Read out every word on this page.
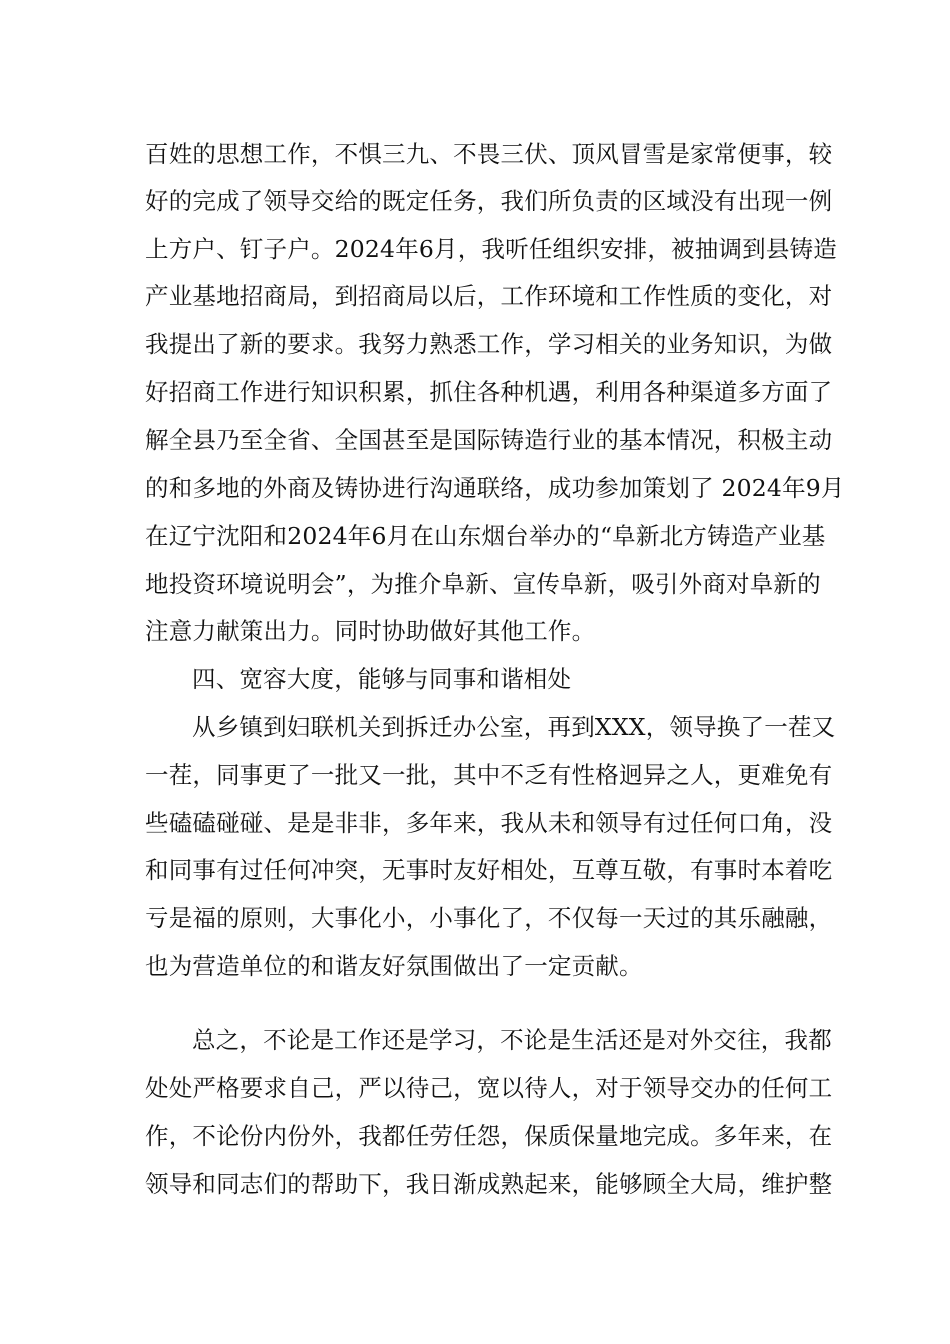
百姓的思想工作，不惧三九、不畏三伏、顶风冒雪是家常便事，较
好的完成了领导交给的既定任务，我们所负责的区域没有出现一例
上方户、钉子户。2024年6月，我听任组织安排，被抽调到县铸造
产业基地招商局，到招商局以后，工作环境和工作性质的变化，对
我提出了新的要求。我努力熟悉工作，学习相关的业务知识，为做
好招商工作进行知识积累，抓住各种机遇，利用各种渠道多方面了
解全县乃至全省、全国甚至是国际铸造行业的基本情况，积极主动
的和多地的外商及铸协进行沟通联络，成功参加策划了 2024年9月
在辽宁沈阳和2024年6月在山东烟台举办的“阜新北方铸造产业基
地投资环境说明会”，为推介阜新、宣传阜新，吸引外商对阜新的
注意力献策出力。同时协助做好其他工作。
四、宽容大度，能够与同事和谐相处
从乡镇到妇联机关到拆迁办公室，再到XXX，领导换了一茬又
一茬，同事更了一批又一批，其中不乏有性格迥异之人，更难免有
些磕磕碰碰、是是非非，多年来，我从未和领导有过任何口角，没
和同事有过任何冲突，无事时友好相处，互尊互敬，有事时本着吃
亏是福的原则，大事化小，小事化了，不仅每一天过的其乐融融，
也为营造单位的和谐友好氛围做出了一定贡献。
总之，不论是工作还是学习，不论是生活还是对外交往，我都
处处严格要求自己，严以待己，宽以待人，对于领导交办的任何工
作，不论份内份外，我都任劳任怨，保质保量地完成。多年来，在
领导和同志们的帮助下，我日渐成熟起来，能够顾全大局，维护整
